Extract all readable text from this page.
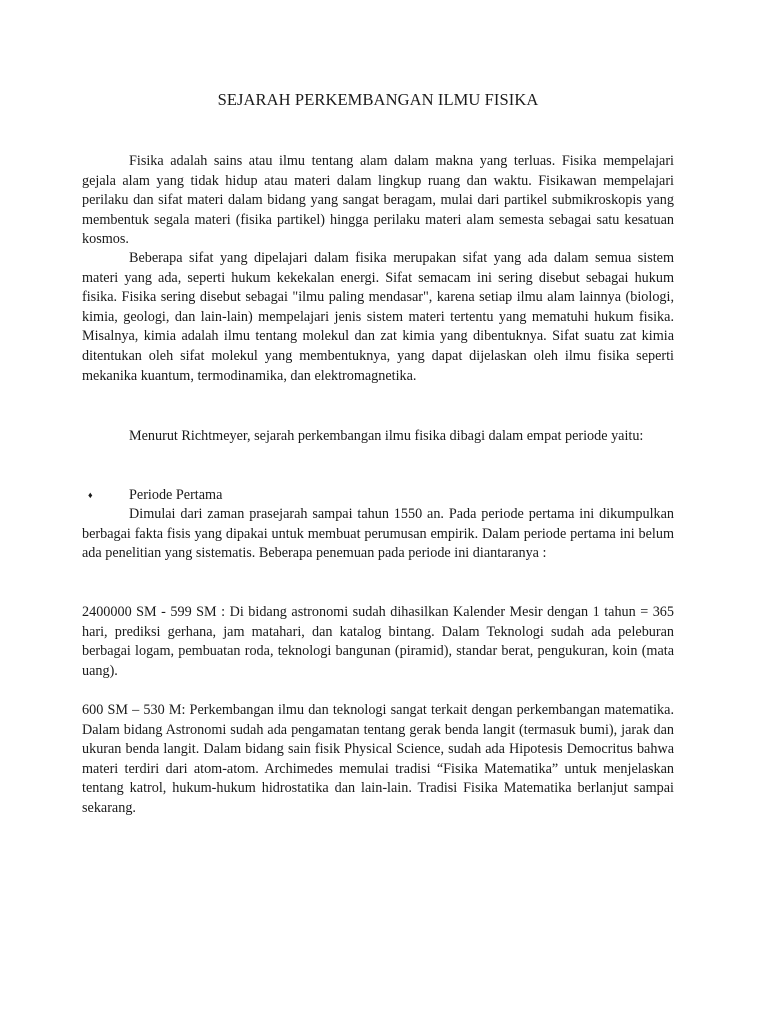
SEJARAH PERKEMBANGAN ILMU FISIKA

Fisika adalah sains atau ilmu tentang alam dalam makna yang terluas. Fisika mempelajari gejala alam yang tidak hidup atau materi dalam lingkup ruang dan waktu. Fisikawan mempelajari perilaku dan sifat materi dalam bidang yang sangat beragam, mulai dari partikel submikroskopis yang membentuk segala materi (fisika partikel) hingga perilaku materi alam semesta sebagai satu kesatuan kosmos.

Beberapa sifat yang dipelajari dalam fisika merupakan sifat yang ada dalam semua sistem materi yang ada, seperti hukum kekekalan energi. Sifat semacam ini sering disebut sebagai hukum fisika. Fisika sering disebut sebagai "ilmu paling mendasar", karena setiap ilmu alam lainnya (biologi, kimia, geologi, dan lain-lain) mempelajari jenis sistem materi tertentu yang mematuhi hukum fisika. Misalnya, kimia adalah ilmu tentang molekul dan zat kimia yang dibentuknya. Sifat suatu zat kimia ditentukan oleh sifat molekul yang membentuknya, yang dapat dijelaskan oleh ilmu fisika seperti mekanika kuantum, termodinamika, dan elektromagnetika.

Menurut Richtmeyer, sejarah perkembangan ilmu fisika dibagi dalam empat periode yaitu:

♦	Periode Pertama

Dimulai dari zaman prasejarah sampai tahun 1550 an. Pada periode pertama ini dikumpulkan berbagai fakta fisis yang dipakai untuk membuat perumusan empirik. Dalam periode pertama ini belum ada penelitian yang sistematis. Beberapa penemuan pada periode ini diantaranya :

2400000 SM - 599 SM : Di bidang astronomi sudah dihasilkan Kalender Mesir dengan 1 tahun = 365 hari, prediksi gerhana, jam matahari, dan katalog bintang. Dalam Teknologi sudah ada peleburan berbagai logam, pembuatan roda, teknologi bangunan (piramid), standar berat, pengukuran, koin (mata uang).

600 SM – 530 M: Perkembangan ilmu dan teknologi sangat terkait dengan perkembangan matematika. Dalam bidang Astronomi sudah ada pengamatan tentang gerak benda langit (termasuk bumi), jarak dan ukuran benda langit. Dalam bidang sain fisik Physical Science, sudah ada Hipotesis Democritus bahwa materi terdiri dari atom-atom. Archimedes memulai tradisi “Fisika Matematika” untuk menjelaskan tentang katrol, hukum-hukum hidrostatika dan lain-lain. Tradisi Fisika Matematika berlanjut sampai sekarang.
